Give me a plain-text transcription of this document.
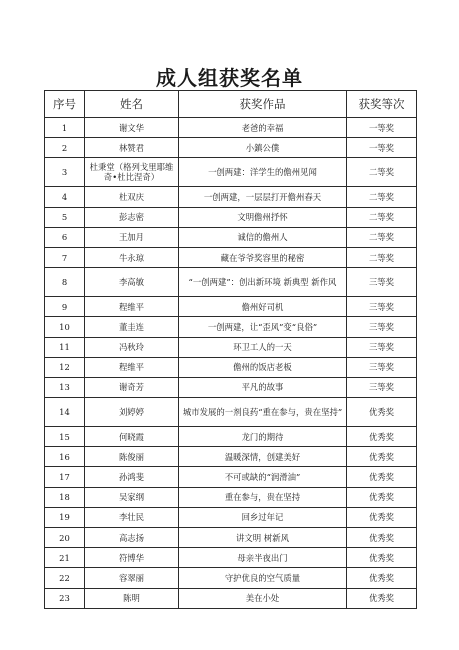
成人组获奖名单
序号	姓名	获奖作品	获奖等次
1	谢文华	老爸的幸福	一等奖
2	林赞君	小鎮公僕	一等奖
3	杜秉堂（格列戈里耶维奇•杜比涅奇）	一创两建：洋学生的儋州见闻	二等奖
4	杜双庆	一创两建，一层层打开儋州春天	二等奖
5	彭志密	文明儋州抒怀	二等奖
6	王加月	诚信的儋州人	二等奖
7	牛永琼	藏在爷爷奖容里的秘密	二等奖
8	李高敏	“一创两建”：创出新环境 新典型 新作风	三等奖
9	程维平	儋州好司机	三等奖
10	董圭连	一创两建，让“歪风”变“良俗”	三等奖
11	冯秋玲	环卫工人的一天	三等奖
12	程维平	儋州的饭店老板	三等奖
13	谢奇芳	平凡的故事	三等奖
14	刘婷婷	城市发展的一剂良药“重在参与，贵在坚持”	优秀奖
15	何晓霞	龙门的期待	优秀奖
16	陈俊丽	温暖深情，创建美好	优秀奖
17	孙鸿斐	不可或缺的“润滑油”	优秀奖
18	吴家纲	重在参与，贵在坚持	优秀奖
19	李壮民	回乡过年记	优秀奖
20	高志扬	讲文明 树新风	优秀奖
21	符博华	母亲半夜出门	优秀奖
22	容翠丽	守护优良的空气质量	优秀奖
23	陈明	美在小处	优秀奖
